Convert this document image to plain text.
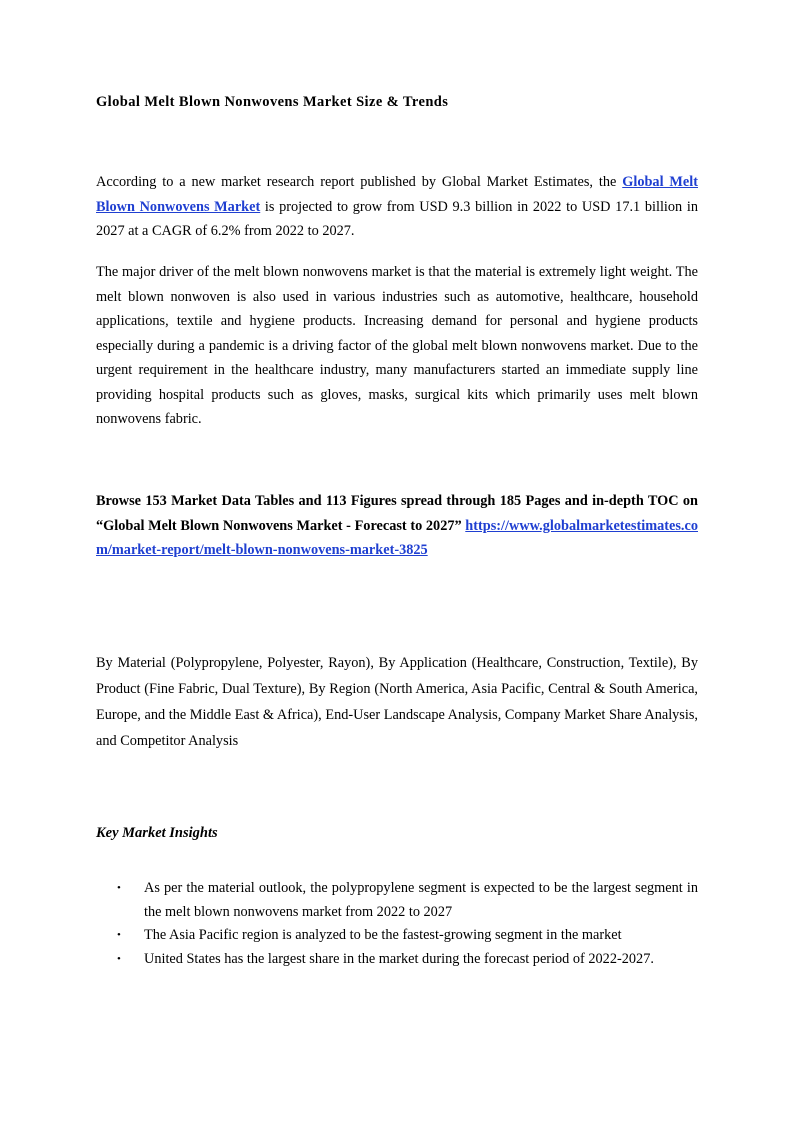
Global Melt Blown Nonwovens Market Size & Trends

According to a new market research report published by Global Market Estimates, the Global Melt Blown Nonwovens Market is projected to grow from USD 9.3 billion in 2022 to USD 17.1 billion in 2027 at a CAGR of 6.2% from 2022 to 2027.

The major driver of the melt blown nonwovens market is that the material is extremely light weight. The melt blown nonwoven is also used in various industries such as automotive, healthcare, household applications, textile and hygiene products. Increasing demand for personal and hygiene products especially during a pandemic is a driving factor of the global melt blown nonwovens market. Due to the urgent requirement in the healthcare industry, many manufacturers started an immediate supply line providing hospital products such as gloves, masks, surgical kits which primarily uses melt blown nonwovens fabric.

Browse 153 Market Data Tables and 113 Figures spread through 185 Pages and in-depth TOC on “Global Melt Blown Nonwovens Market - Forecast to 2027” https://www.globalmarketestimates.com/market-report/melt-blown-nonwovens-market-3825

By Material (Polypropylene, Polyester, Rayon), By Application (Healthcare, Construction, Textile), By Product (Fine Fabric, Dual Texture), By Region (North America, Asia Pacific, Central & South America, Europe, and the Middle East & Africa), End-User Landscape Analysis, Company Market Share Analysis, and Competitor Analysis

Key Market Insights
• As per the material outlook, the polypropylene segment is expected to be the largest segment in the melt blown nonwovens market from 2022 to 2027
• The Asia Pacific region is analyzed to be the fastest-growing segment in the market
• United States has the largest share in the market during the forecast period of 2022-2027.
